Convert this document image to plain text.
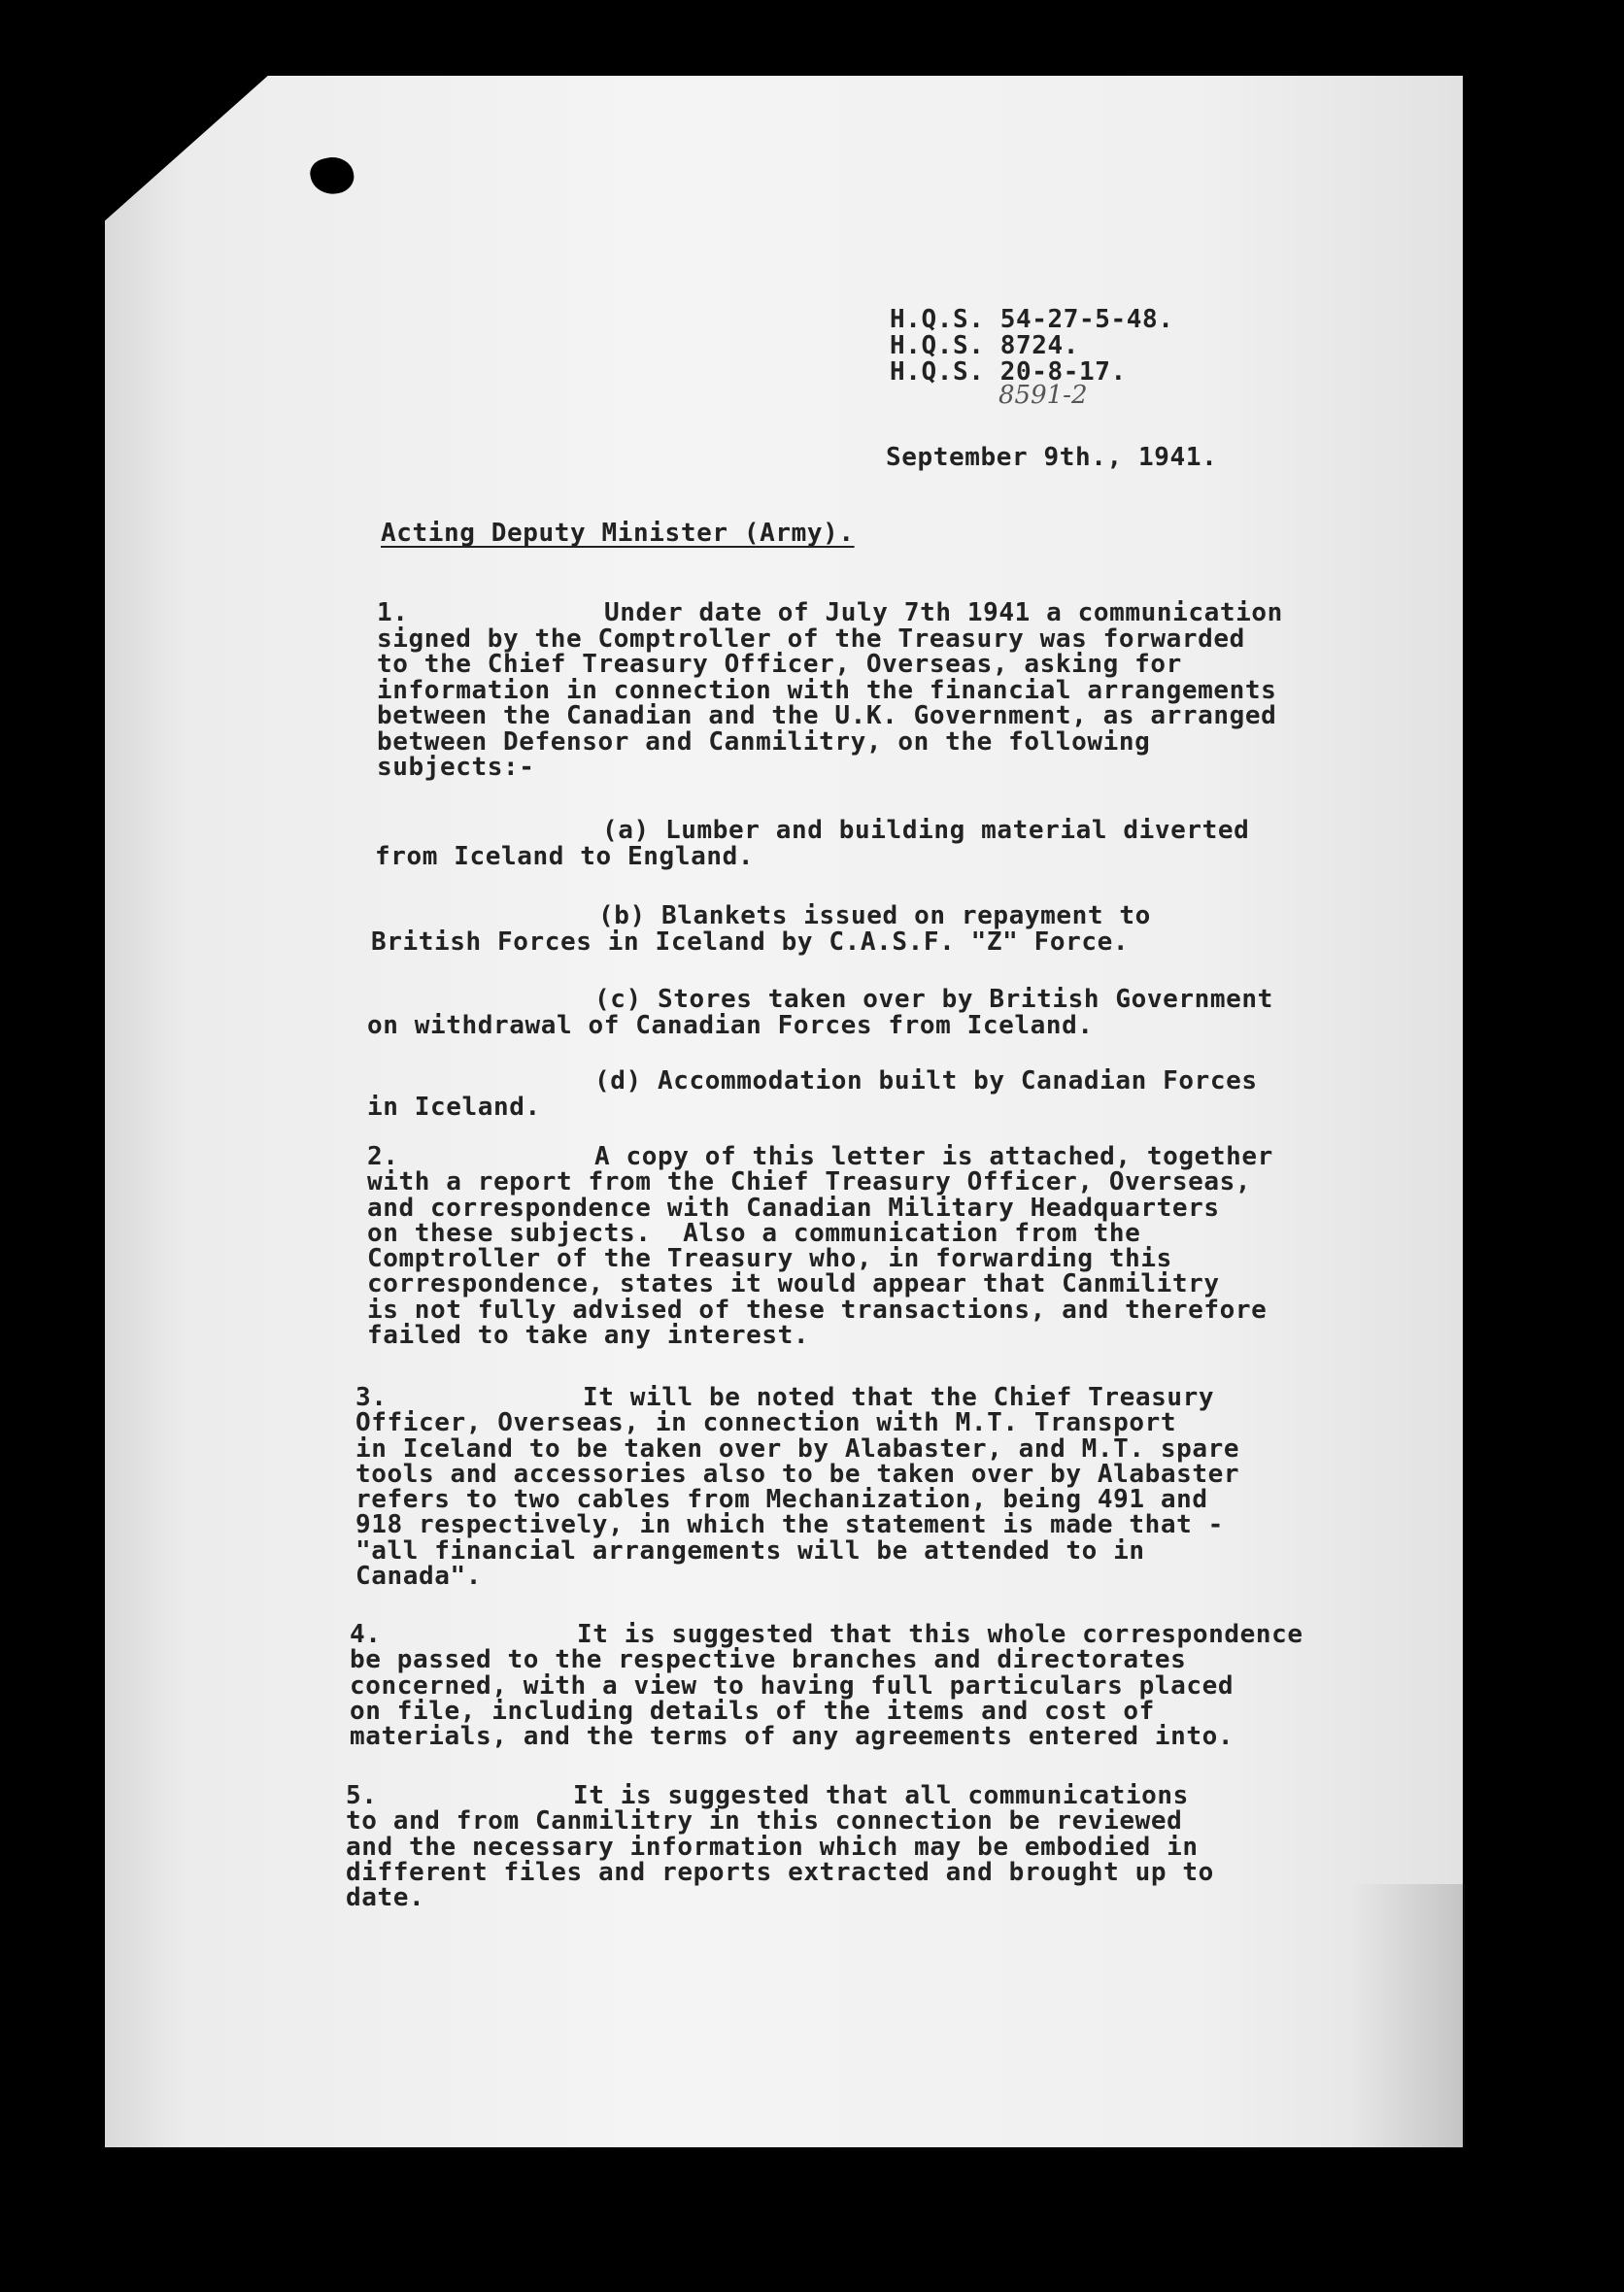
H.Q.S. 54-27-5-48.
H.Q.S. 8724.
H.Q.S. 20-8-17.
8591-2
September 9th., 1941.
Acting Deputy Minister (Army).
1.	Under date of July 7th 1941 a communication
signed by the Comptroller of the Treasury was forwarded
to the Chief Treasury Officer, Overseas, asking for
information in connection with the financial arrangements
between the Canadian and the U.K. Government, as arranged
between Defensor and Canmilitry, on the following
subjects:-
(a) Lumber and building material diverted
from Iceland to England.
(b) Blankets issued on repayment to
British Forces in Iceland by C.A.S.F. "Z" Force.
(c) Stores taken over by British Government
on withdrawal of Canadian Forces from Iceland.
(d) Accommodation built by Canadian Forces
in Iceland.
2.	A copy of this letter is attached, together
with a report from the Chief Treasury Officer, Overseas,
and correspondence with Canadian Military Headquarters
on these subjects.  Also a communication from the
Comptroller of the Treasury who, in forwarding this
correspondence, states it would appear that Canmilitry
is not fully advised of these transactions, and therefore
failed to take any interest.
3.	It will be noted that the Chief Treasury
Officer, Overseas, in connection with M.T. Transport
in Iceland to be taken over by Alabaster, and M.T. spare
tools and accessories also to be taken over by Alabaster
refers to two cables from Mechanization, being 491 and
918 respectively, in which the statement is made that -
"all financial arrangements will be attended to in
Canada".
4.	It is suggested that this whole correspondence
be passed to the respective branches and directorates
concerned, with a view to having full particulars placed
on file, including details of the items and cost of
materials, and the terms of any agreements entered into.
5.	It is suggested that all communications
to and from Canmilitry in this connection be reviewed
and the necessary information which may be embodied in
different files and reports extracted and brought up to
date.
